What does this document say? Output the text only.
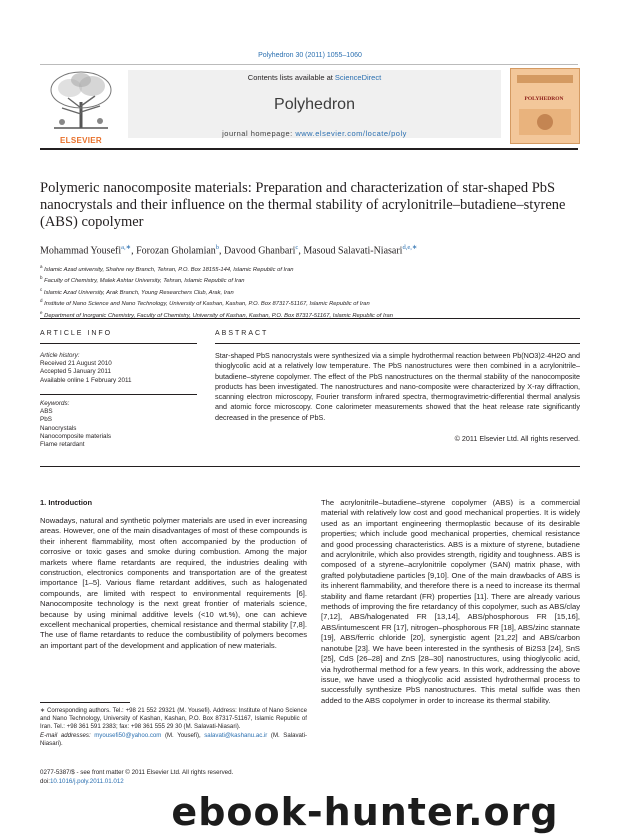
Polyhedron 30 (2011) 1055–1060
ELSEVIER
Contents lists available at ScienceDirect
Polyhedron
journal homepage: www.elsevier.com/locate/poly
POLYHEDRON
Polymeric nanocomposite materials: Preparation and characterization of star-shaped PbS nanocrystals and their influence on the thermal stability of acrylonitrile–butadiene–styrene (ABS) copolymer
Mohammad Yousefi$^{a,∗}$, Forozan Gholamian$^b$, Davood Ghanbari$^c$, Masoud Salavati-Niasari$^{d,e,∗}$
$^a$ Islamic Azad university, Shahre rey Branch, Tehran, P.O. Box 18155-144, Islamic Republic of Iran
$^b$ Faculty of Chemistry, Malek Ashtar University, Tehran, Islamic Republic of Iran
$^c$ Islamic Azad University, Arak Branch, Young Researchers Club, Arak, Iran
$^d$ Institute of Nano Science and Nano Technology, University of Kashan, Kashan, P.O. Box 87317-51167, Islamic Republic of Iran
$^e$ Department of Inorganic Chemistry, Faculty of Chemistry, University of Kashan, Kashan, P.O. Box 87317-51167, Islamic Republic of Iran
ARTICLE INFO	ABSTRACT
Article history:
Received 21 August 2010
Accepted 5 January 2011
Available online 1 February 2011
Keywords:
ABS
PbS
Nanocrystals
Nanocomposite materials
Flame retardant
Star-shaped PbS nanocrystals were synthesized via a simple hydrothermal reaction between Pb(NO3)2·4H2O and thioglycolic acid at a relatively low temperature. The PbS nanostructures were then combined in a acrylonitrile–butadiene–styrene copolymer. The effect of the PbS nanostructures on the thermal stability of the nanocomposite products has been investigated. The nanostructures and nano-composite were characterized by X-ray diffraction, scanning electron microscopy, Fourier transform infrared spectra, thermogravimetric-differential thermal analysis and atomic force microscopy. Cone calorimeter measurements showed that the heat release rate significantly decreased in the presence of PbS.
© 2011 Elsevier Ltd. All rights reserved.
1. Introduction
Nowadays, natural and synthetic polymer materials are used in ever increasing areas. However, one of the main disadvantages of most of these compounds is their inherent flammability, most often accompanied by the production of corrosive or toxic gases and smoke during combustion. Among the major markets where flame retardants are required, the industries dealing with construction, electronics components and transportation are of the greatest importance [1–5]. Various flame retardant additives, such as halogenated compounds, are limited with respect to environmental requirements [6]. Nanocomposite technology is the next great frontier of materials science, because by using minimal additive levels (<10 wt.%), one can achieve excellent mechanical properties, chemical resistance and thermal stability [7,8]. The use of flame retardants to reduce the combustibility of polymers becomes an important part of the development and application of new materials.
The acrylonitrile–butadiene–styrene copolymer (ABS) is a commercial material with relatively low cost and good mechanical properties. It is widely used as an important engineering thermoplastic because of its desirable properties; which include good mechanical properties, chemical resistance and good processing characteristics. ABS is a mixture of styrene, butadiene and acrylonitrile, which also provides strength, rigidity and toughness. ABS is composed of a styrene–acrylonitrile copolymer (SAN) matrix phase, with grafted polybutadiene particles [9,10]. One of the main drawbacks of ABS is its inherent flammability, and therefore there is a need to increase its thermal stability and flame retardant (FR) properties [11]. There are already various methods of improving the fire retardancy of this copolymer, such as ABS/clay [7,12], ABS/halogenated FR [13,14], ABS/phosphorous FR [15,16], ABS/intumescent FR [17], nitrogen–phosphorous FR [18], ABS/zinc stannate [19], ABS/ferric chloride [20], synergistic agent [21,22] and ABS/carbon nanotube [23]. We have been interested in the synthesis of Bi2S3 [24], SnS [25], CdS [26–28] and ZnS [28–30] nanostructures, using thioglycolic acid, via hydrothermal method for a few years. In this work, addressing the above issue, we have used a thioglycolic acid assisted hydrothermal process to successfully synthesize PbS nanostructures. This metal sulfide was then added to the ABS copolymer in order to increase its thermal stability.
∗ Corresponding authors. Tel.: +98 21 552 29321 (M. Yousefi). Address: Institute of Nano Science and Nano Technology, University of Kashan, Kashan, P.O. Box 87317-51167, Islamic Republic of Iran. Tel.: +98 361 591 2383; fax: +98 361 555 29 30 (M. Salavati-Niasari).
E-mail addresses: myousefi50@yahoo.com (M. Yousefi), salavati@kashanu.ac.ir (M. Salavati-Niasari).
0277-5387/$ - see front matter © 2011 Elsevier Ltd. All rights reserved.
doi:10.1016/j.poly.2011.01.012
ebook-hunter.org
